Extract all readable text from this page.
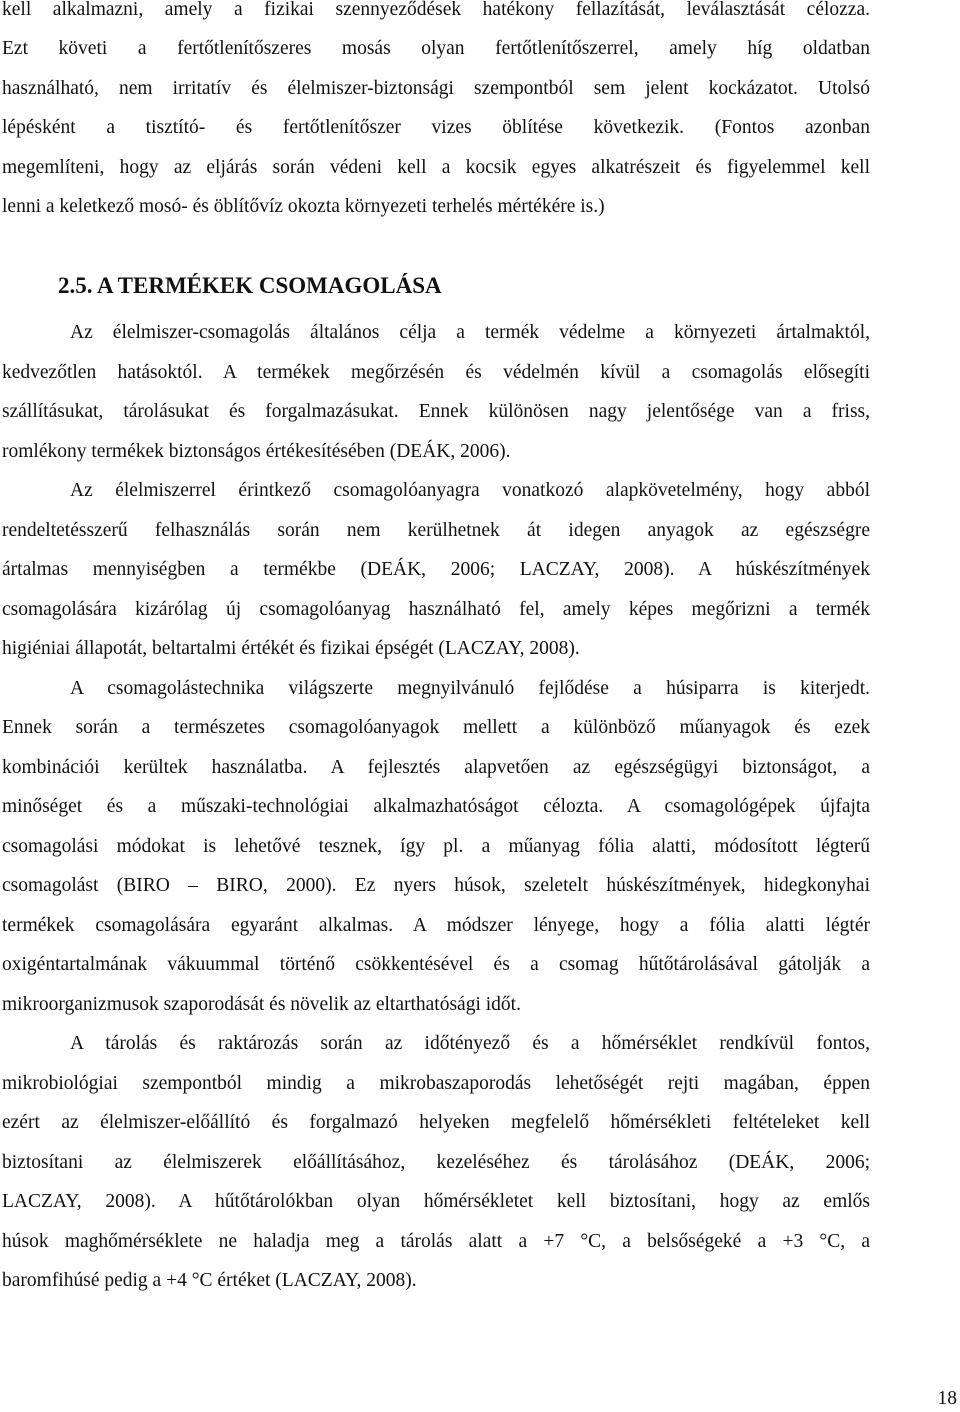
kell alkalmazni, amely a fizikai szennyeződések hatékony fellazítását, leválasztását célozza.
Ezt követi a fertőtlenítőszeres mosás olyan fertőtlenítőszerrel, amely híg oldatban
használható, nem irritatív és élelmiszer-biztonsági szempontból sem jelent kockázatot. Utolsó
lépésként a tisztító- és fertőtlenítőszer vizes öblítése következik. (Fontos azonban
megemlíteni, hogy az eljárás során védeni kell a kocsik egyes alkatrészeit és figyelemmel kell
lenni a keletkező mosó- és öblítővíz okozta környezeti terhelés mértékére is.)
2.5. A TERMÉKEK CSOMAGOLÁSA
Az élelmiszer-csomagolás általános célja a termék védelme a környezeti ártalmaktól,
kedvezőtlen hatásoktól. A termékek megőrzésén és védelmén kívül a csomagolás elősegíti
szállításukat, tárolásukat és forgalmazásukat. Ennek különösen nagy jelentősége van a friss,
romlékony termékek biztonságos értékesítésében (DEÁK, 2006).
Az élelmiszerrel érintkező csomagolóanyagra vonatkozó alapkövetelmény, hogy abból
rendeltetésszerű felhasználás során nem kerülhetnek át idegen anyagok az egészségre
ártalmas mennyiségben a termékbe (DEÁK, 2006; LACZAY, 2008). A húskészítmények
csomagolására kizárólag új csomagolóanyag használható fel, amely képes megőrizni a termék
higiéniai állapotát, beltartalmi értékét és fizikai épségét (LACZAY, 2008).
A csomagolástechnika világszerte megnyilvánuló fejlődése a húsiparra is kiterjedt.
Ennek során a természetes csomagolóanyagok mellett a különböző műanyagok és ezek
kombinációi kerültek használatba. A fejlesztés alapvetően az egészségügyi biztonságot, a
minőséget és a műszaki-technológiai alkalmazhatóságot célozta. A csomagológépek újfajta
csomagolási módokat is lehetővé tesznek, így pl. a műanyag fólia alatti, módosított légterű
csomagolást (BIRO – BIRO, 2000). Ez nyers húsok, szeletelt húskészítmények, hidegkonyhai
termékek csomagolására egyaránt alkalmas. A módszer lényege, hogy a fólia alatti légtér
oxigéntartalmának vákuummal történő csökkentésével és a csomag hűtőtárolásával gátolják a
mikroorganizmusok szaporodását és növelik az eltarthatósági időt.
A tárolás és raktározás során az időtényező és a hőmérséklet rendkívül fontos,
mikrobiológiai szempontból mindig a mikrobaszaporodás lehetőségét rejti magában, éppen
ezért az élelmiszer-előállító és forgalmazó helyeken megfelelő hőmérsékleti feltételeket kell
biztosítani az élelmiszerek előállításához, kezeléséhez és tárolásához (DEÁK, 2006;
LACZAY, 2008). A hűtőtárolókban olyan hőmérsékletet kell biztosítani, hogy az emlős
húsok maghőmérséklete ne haladja meg a tárolás alatt a +7 °C, a belsőségeké a +3 °C, a
baromfihúsé pedig a +4 °C értéket (LACZAY, 2008).
18
